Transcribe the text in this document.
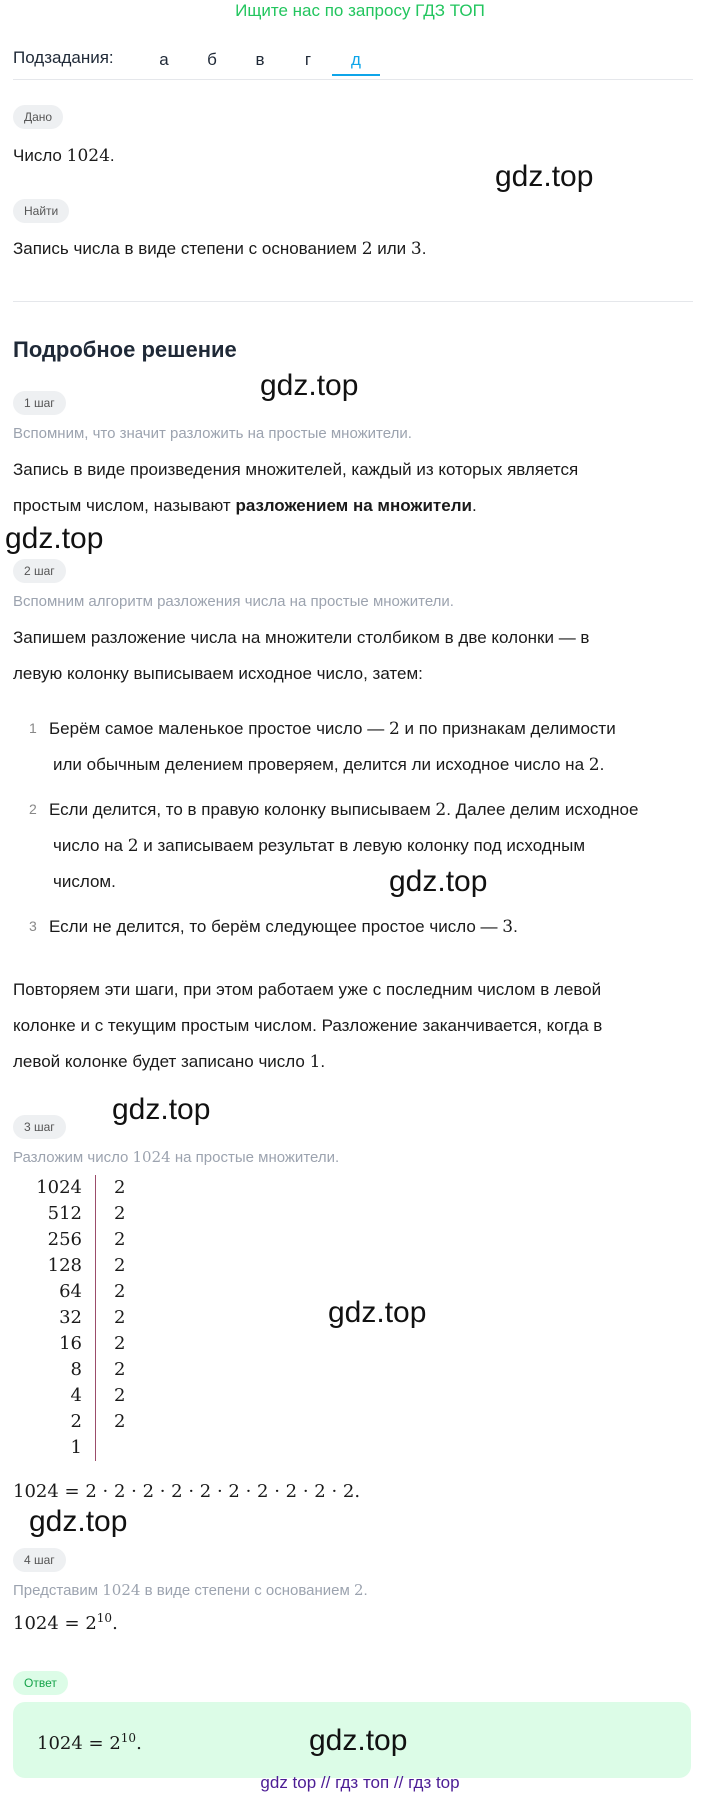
Ищите нас по запросу ГДЗ ТОП
Подзадания:	а	б	в	г	д
Дано
Число 1024.
gdz.top
Найти
Запись числа в виде степени с основанием 2 или 3.
Подробное решение
gdz.top
1 шаг
Вспомним, что значит разложить на простые множители.
Запись в виде произведения множителей, каждый из которых является
простым числом, называют разложением на множители.
gdz.top
2 шаг
Вспомним алгоритм разложения числа на простые множители.
Запишем разложение числа на множители столбиком в две колонки — в
левую колонку выписываем исходное число, затем:
1 Берём самое маленькое простое число — 2 и по признакам делимости
или обычным делением проверяем, делится ли исходное число на 2.
2 Если делится, то в правую колонку выписываем 2. Далее делим исходное
число на 2 и записываем результат в левую колонку под исходным
числом.	gdz.top
3 Если не делится, то берём следующее простое число — 3.
Повторяем эти шаги, при этом работаем уже с последним числом в левой
колонке и с текущим простым числом. Разложение заканчивается, когда в
левой колонке будет записано число 1.
gdz.top
3 шаг
Разложим число 1024 на простые множители.
1024	2
512	2
256	2
128	2
64	2
32	2
16	2
8	2
4	2
2	2
1
gdz.top
1024 = 2 · 2 · 2 · 2 · 2 · 2 · 2 · 2 · 2 · 2.
gdz.top
4 шаг
Представим 1024 в виде степени с основанием 2.
$1024 = 2^{10}$.
Ответ
$1024 = 2^{10}$.	gdz.top
gdz top // гдз топ // гдз top
